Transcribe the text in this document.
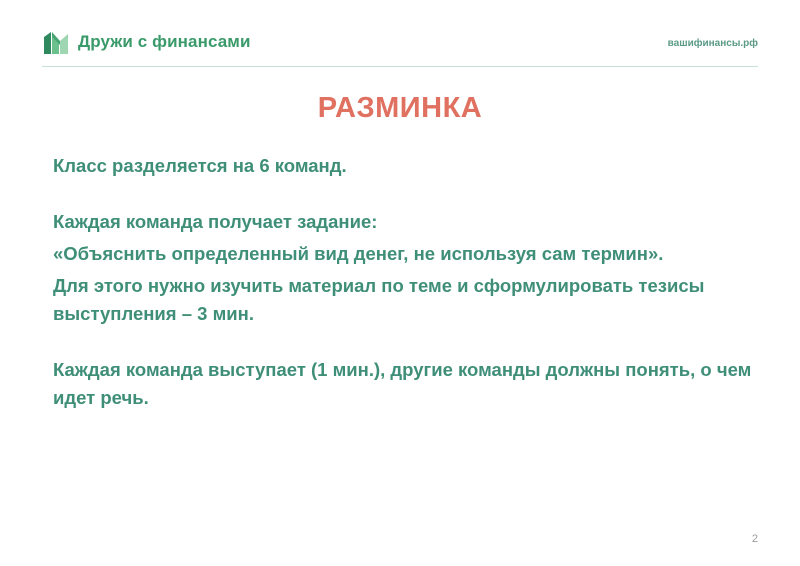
Дружи с финансами	вашифинансы.рф
РАЗМИНКА

Класс разделяется на 6 команд.

Каждая команда получает задание:

«Объяснить определенный вид денег, не используя сам термин».

Для этого нужно изучить материал по теме и сформулировать тезисы выступления – 3 мин.

Каждая команда выступает (1 мин.), другие команды должны понять, о чем идет речь.

2
